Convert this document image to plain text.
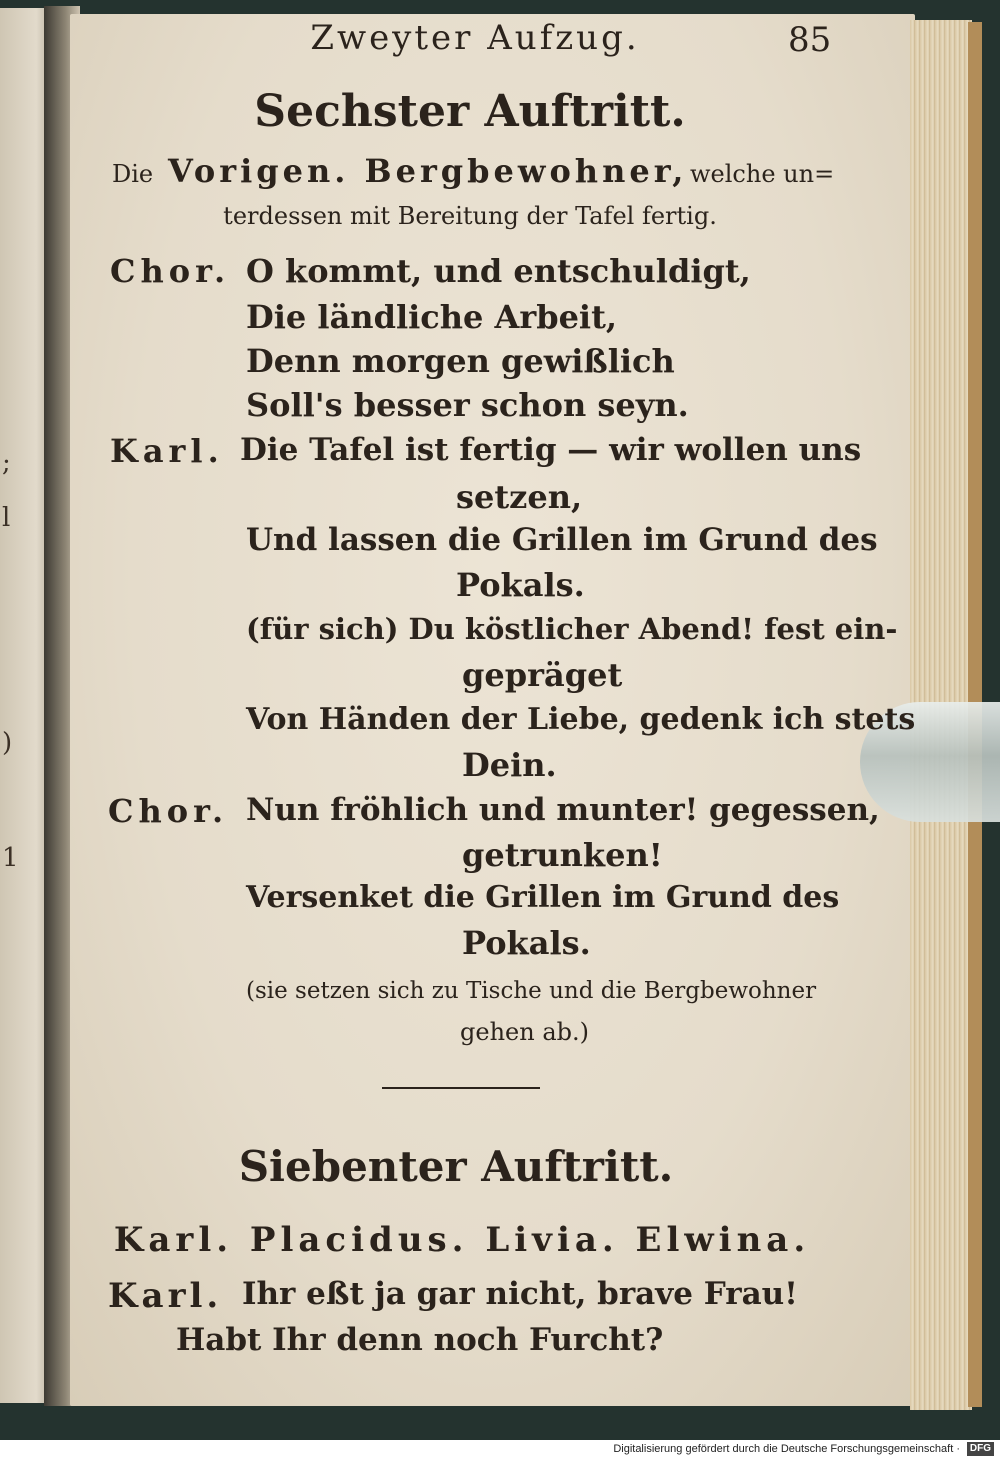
;
l
)
1
Zweyter Aufzug.	85
Sechster Auftritt.
Die Vorigen. Bergbewohner, welche un=
terdessen mit Bereitung der Tafel fertig.
Chor. O kommt, und entschuldigt,
Die ländliche Arbeit,
Denn morgen gewißlich
Soll's besser schon seyn.
Karl. Die Tafel ist fertig — wir wollen uns
setzen,
Und lassen die Grillen im Grund des
Pokals.
(für sich) Du köstlicher Abend! fest ein-
gepräget
Von Händen der Liebe, gedenk ich stets
Dein.
Chor. Nun fröhlich und munter! gegessen,
getrunken!
Versenket die Grillen im Grund des
Pokals.
(sie setzen sich zu Tische und die Bergbewohner
gehen ab.)
Siebenter Auftritt.
Karl. Placidus. Livia. Elwina.
Karl. Ihr eßt ja gar nicht, brave Frau!
Habt Ihr denn noch Furcht?
Digitalisierung gefördert durch die Deutsche Forschungsgemeinschaft · DFG
